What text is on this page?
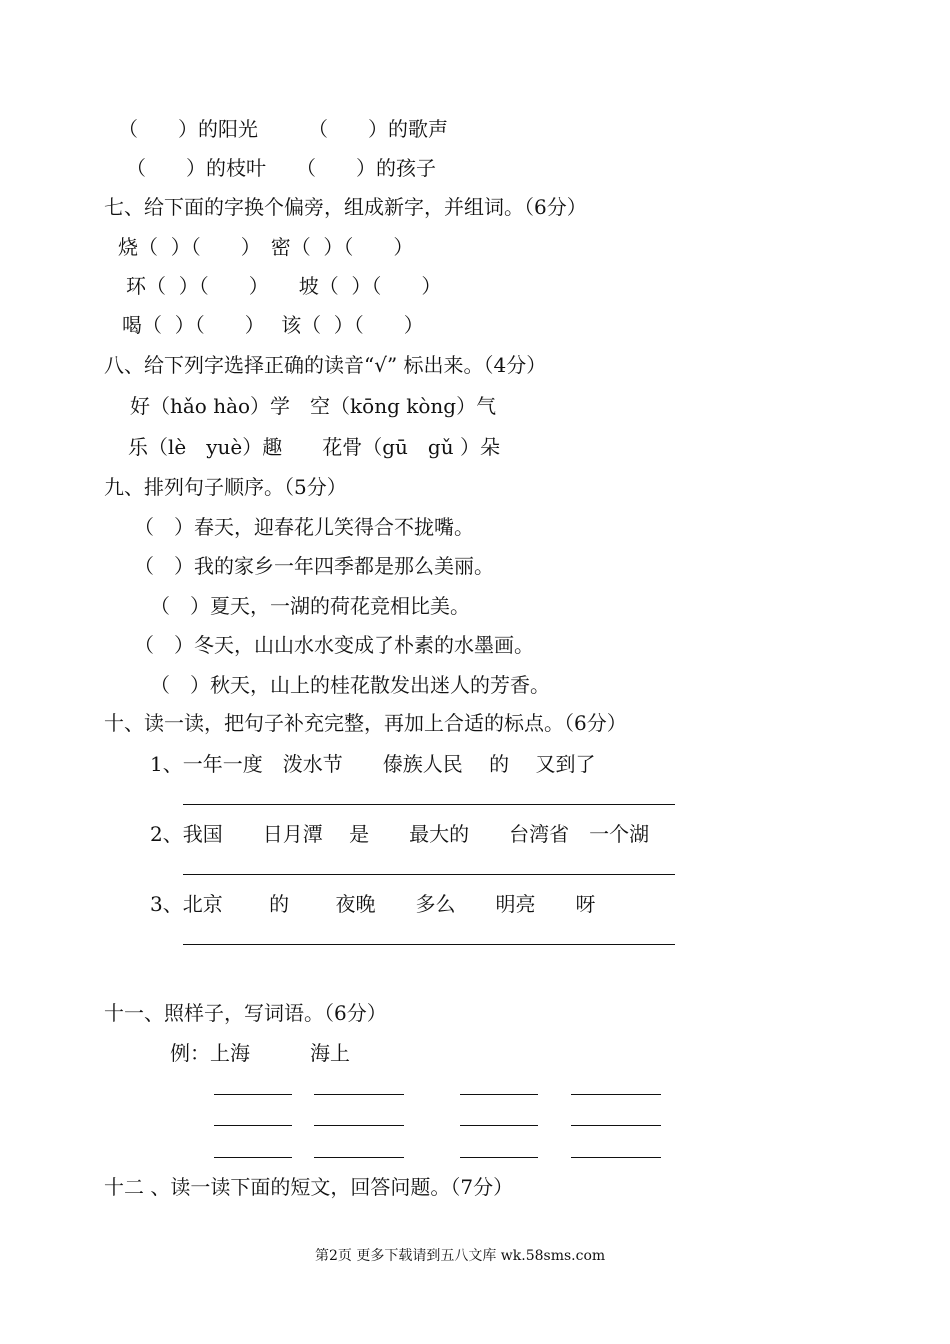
（　　）的阳光　　　（　　）的歌声
（　　）的枝叶　　（　　）的孩子
七、给下面的字换个偏旁，组成新字，并组词。（6分）
烧（  ）（　　）　密（  ）（　　）
环（  ）（　　）　　坡（  ）（　　）
喝（  ）（　　）　 该（  ）（　　）
八、给下列字选择正确的读音“√” 标出来。（4分）
好（hǎo hào）学　空（kōng kòng）气
乐（lè　yuè）趣　　花骨（gū　gǔ ）朵
九、排列句子顺序。（5分）
（　）春天，迎春花儿笑得合不拢嘴。
（　）我的家乡一年四季都是那么美丽。
（　）夏天，一湖的荷花竞相比美。
（　）冬天，山山水水变成了朴素的水墨画。
（　）秋天，山上的桂花散发出迷人的芳香。
十、读一读，把句子补充完整，再加上合适的标点。（6分）
1、一年一度　泼水节　　傣族人民　 的　 又到了
2、我国　　日月潭　 是　　最大的　　台湾省　一个湖
3、北京　　 的　　 夜晚　　多么　　明亮　　呀
十一、照样子，写词语。（6分）
例：上海　　　海上
十二 、读一读下面的短文，回答问题。（7分）
第2页 更多下载请到五八文库 wk.58sms.com
